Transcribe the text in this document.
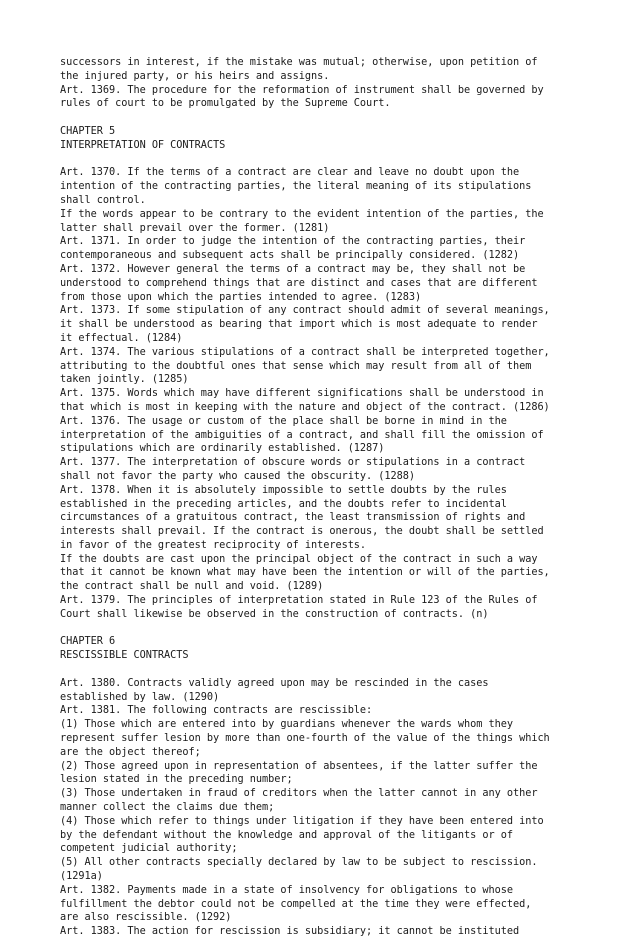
successors in interest, if the mistake was mutual; otherwise, upon petition of
the injured party, or his heirs and assigns.
Art. 1369. The procedure for the reformation of instrument shall be governed by
rules of court to be promulgated by the Supreme Court.
CHAPTER 5
INTERPRETATION OF CONTRACTS
Art. 1370. If the terms of a contract are clear and leave no doubt upon the
intention of the contracting parties, the literal meaning of its stipulations
shall control.
If the words appear to be contrary to the evident intention of the parties, the
latter shall prevail over the former. (1281)
Art. 1371. In order to judge the intention of the contracting parties, their
contemporaneous and subsequent acts shall be principally considered. (1282)
Art. 1372. However general the terms of a contract may be, they shall not be
understood to comprehend things that are distinct and cases that are different
from those upon which the parties intended to agree. (1283)
Art. 1373. If some stipulation of any contract should admit of several meanings,
it shall be understood as bearing that import which is most adequate to render
it effectual. (1284)
Art. 1374. The various stipulations of a contract shall be interpreted together,
attributing to the doubtful ones that sense which may result from all of them
taken jointly. (1285)
Art. 1375. Words which may have different significations shall be understood in
that which is most in keeping with the nature and object of the contract. (1286)
Art. 1376. The usage or custom of the place shall be borne in mind in the
interpretation of the ambiguities of a contract, and shall fill the omission of
stipulations which are ordinarily established. (1287)
Art. 1377. The interpretation of obscure words or stipulations in a contract
shall not favor the party who caused the obscurity. (1288)
Art. 1378. When it is absolutely impossible to settle doubts by the rules
established in the preceding articles, and the doubts refer to incidental
circumstances of a gratuitous contract, the least transmission of rights and
interests shall prevail. If the contract is onerous, the doubt shall be settled
in favor of the greatest reciprocity of interests.
If the doubts are cast upon the principal object of the contract in such a way
that it cannot be known what may have been the intention or will of the parties,
the contract shall be null and void. (1289)
Art. 1379. The principles of interpretation stated in Rule 123 of the Rules of
Court shall likewise be observed in the construction of contracts. (n)
CHAPTER 6
RESCISSIBLE CONTRACTS
Art. 1380. Contracts validly agreed upon may be rescinded in the cases
established by law. (1290)
Art. 1381. The following contracts are rescissible:
(1) Those which are entered into by guardians whenever the wards whom they
represent suffer lesion by more than one-fourth of the value of the things which
are the object thereof;
(2) Those agreed upon in representation of absentees, if the latter suffer the
lesion stated in the preceding number;
(3) Those undertaken in fraud of creditors when the latter cannot in any other
manner collect the claims due them;
(4) Those which refer to things under litigation if they have been entered into
by the defendant without the knowledge and approval of the litigants or of
competent judicial authority;
(5) All other contracts specially declared by law to be subject to rescission.
(1291a)
Art. 1382. Payments made in a state of insolvency for obligations to whose
fulfillment the debtor could not be compelled at the time they were effected,
are also rescissible. (1292)
Art. 1383. The action for rescission is subsidiary; it cannot be instituted
